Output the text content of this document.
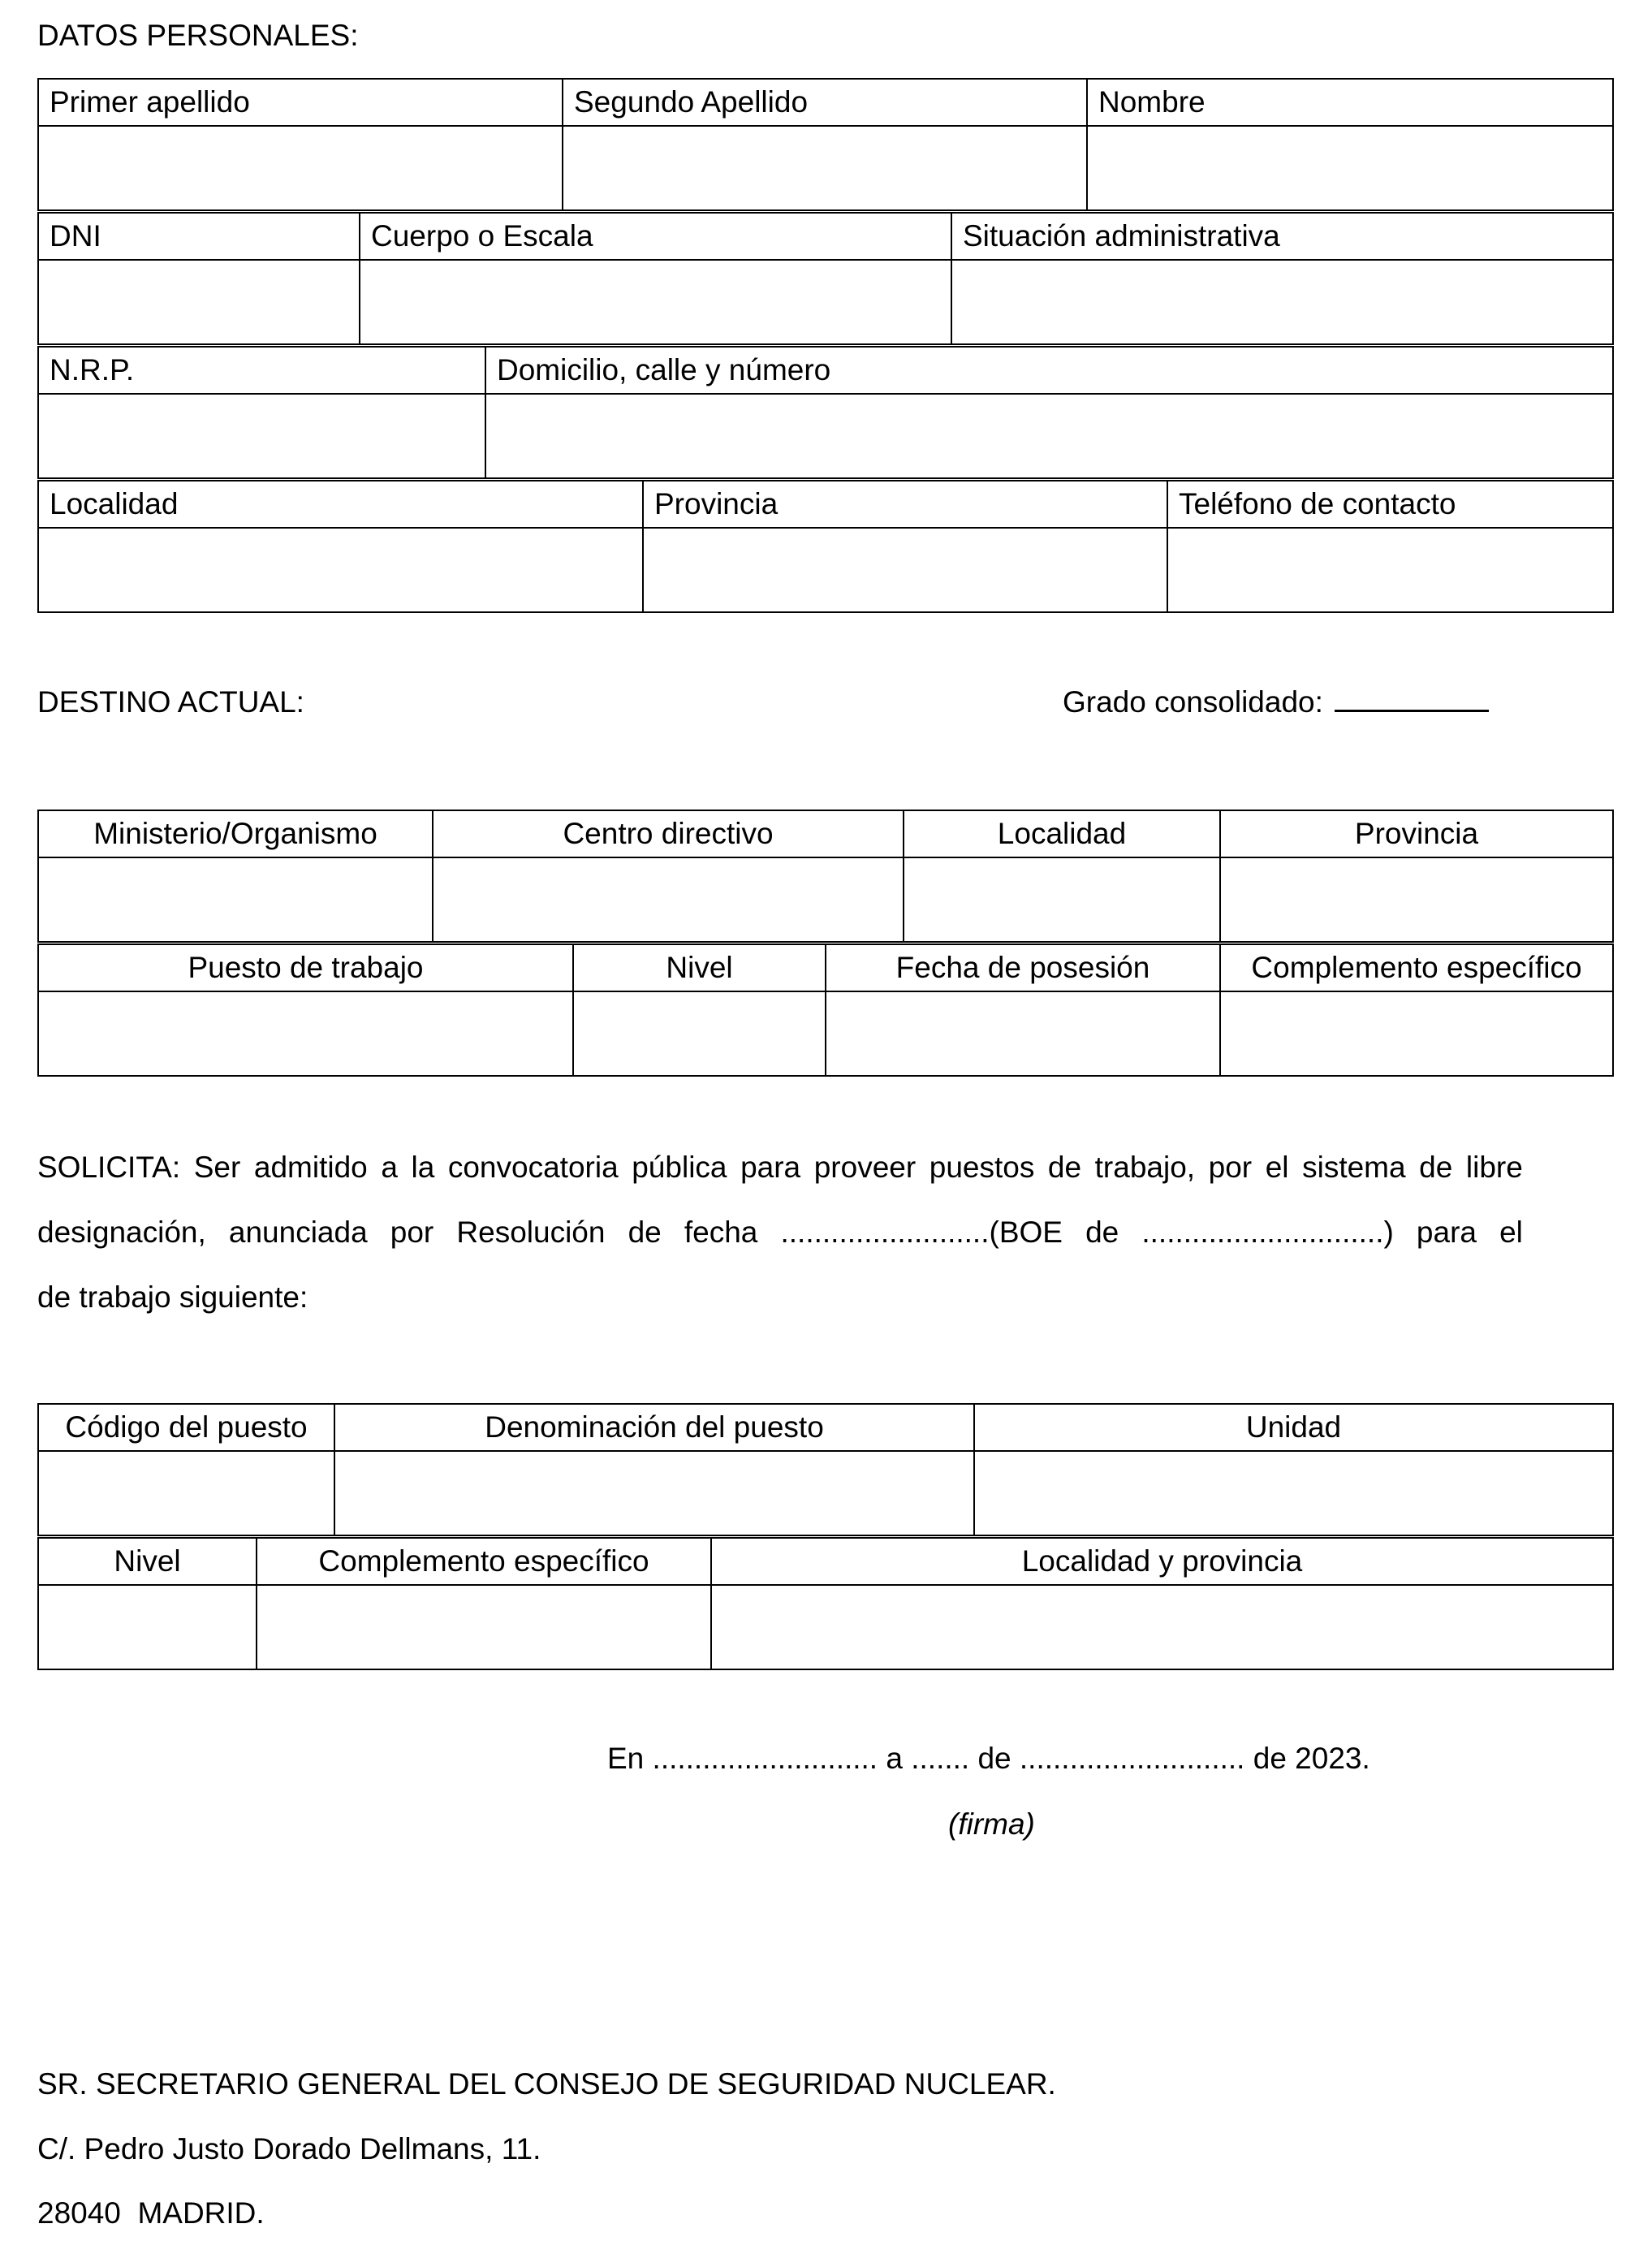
DATOS PERSONALES:
Primer apellido	Segundo Apellido	Nombre

DNI	Cuerpo o Escala	Situación administrativa

N.R.P.	Domicilio, calle y número

Localidad	Provincia	Teléfono de contacto

DESTINO ACTUAL:	Grado consolidado:
Ministerio/Organismo	Centro directivo	Localidad	Provincia

Puesto de trabajo	Nivel	Fecha de posesión	Complemento específico

SOLICITA: Ser admitido a la convocatoria pública para proveer puestos de trabajo, por el sistema de libre
designación, anunciada por Resolución de fecha .........................(BOE de .............................) para el
de trabajo siguiente:
Código del puesto	Denominación del puesto	Unidad

Nivel	Complemento específico	Localidad y provincia

En ........................... a ....... de ........................... de 2023.
(firma)
SR. SECRETARIO GENERAL DEL CONSEJO DE SEGURIDAD NUCLEAR.
C/. Pedro Justo Dorado Dellmans, 11.
28040  MADRID.
